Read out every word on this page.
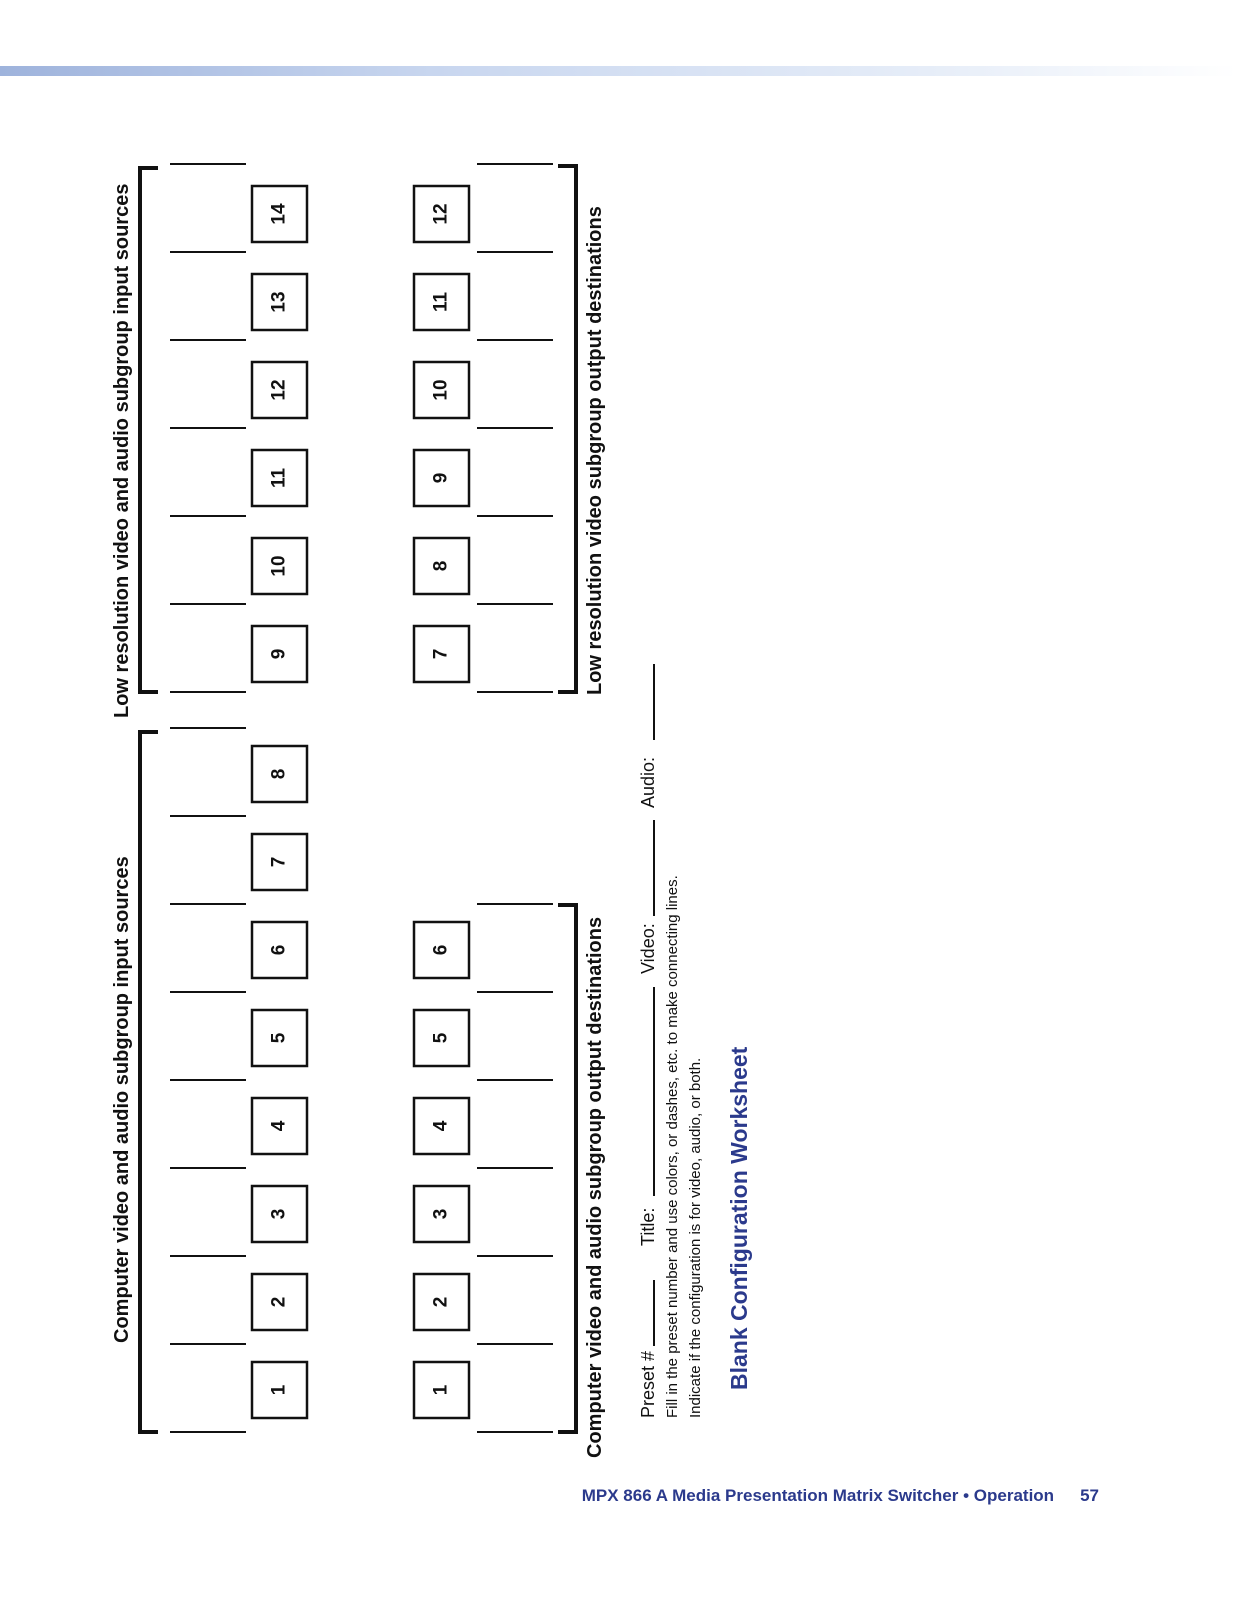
Computer video and audio subgroup input sources
Low resolution video and audio subgroup input sources
Computer video and audio subgroup output destinations
Low resolution video subgroup output destinations
1
2
3
4
5
6
7
8
9
10
11
12
13
14
1
2
3
4
5
6
7
8
9
10
11
12
Preset #
Title:
Video:
Audio:
Fill in the preset number and use colors, or dashes, etc. to make connecting lines. Indicate if the configuration is for video, audio, or both. Blank Configuration Worksheet
MPX 866 A Media Presentation Matrix Switcher • Operation 57
